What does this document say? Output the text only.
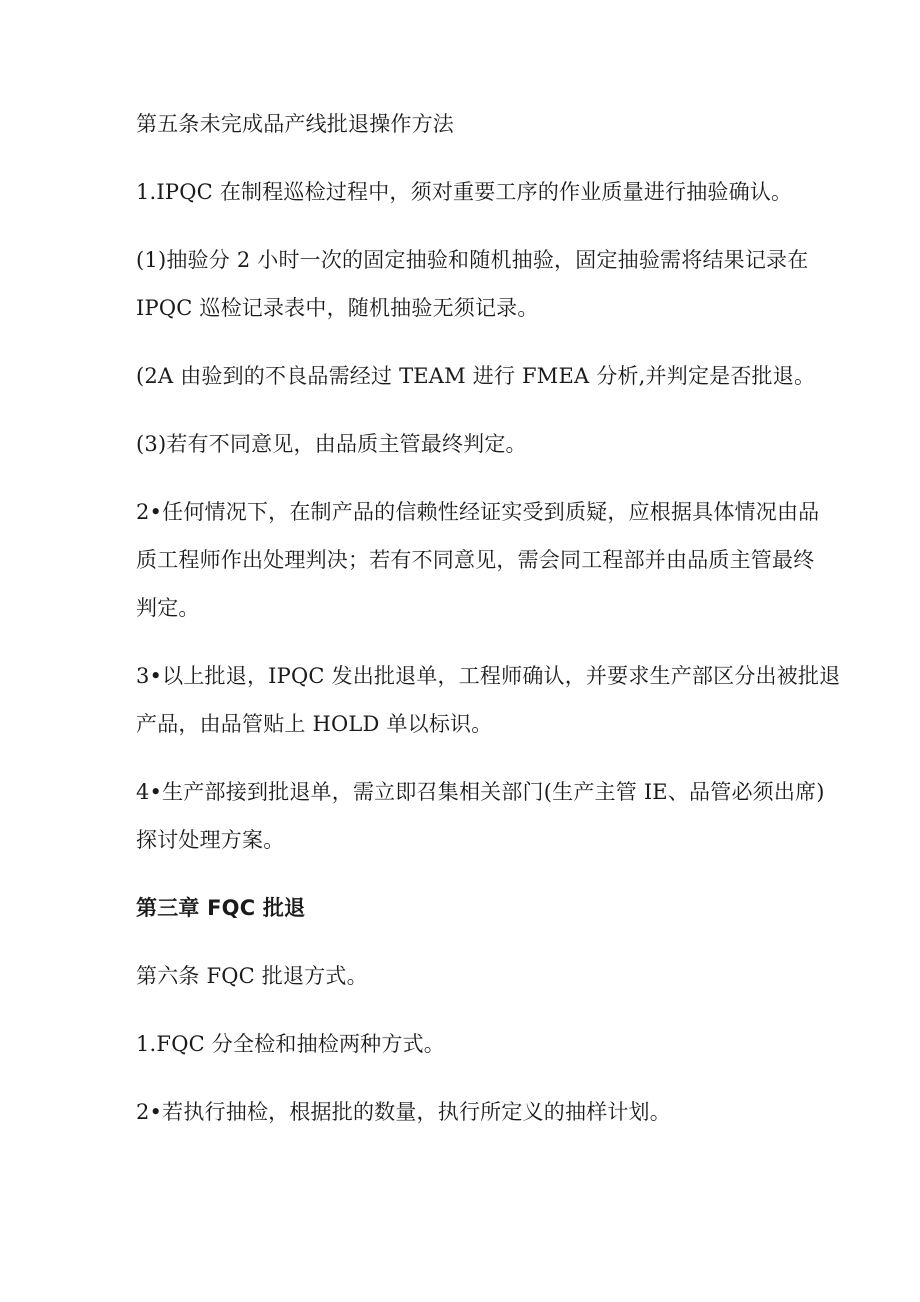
第五条未完成品产线批退操作方法

1.IPQC 在制程巡检过程中，须对重要工序的作业质量进行抽验确认。

(1)抽验分 2 小时一次的固定抽验和随机抽验，固定抽验需将结果记录在
IPQC 巡检记录表中，随机抽验无须记录。

(2A 由验到的不良品需经过 TEAM 进行 FMEA 分析,并判定是否批退。

(3)若有不同意见，由品质主管最终判定。

2•任何情况下，在制产品的信赖性经证实受到质疑，应根据具体情况由品
质工程师作出处理判决；若有不同意见，需会同工程部并由品质主管最终
判定。

3•以上批退，IPQC 发出批退单，工程师确认，并要求生产部区分出被批退
产品，由品管贴上 HOLD 单以标识。

4•生产部接到批退单，需立即召集相关部门(生产主管 IE、品管必须出席)
探讨处理方案。

第三章 FQC 批退

第六条 FQC 批退方式。

1.FQC 分全检和抽检两种方式。

2•若执行抽检，根据批的数量，执行所定义的抽样计划。
